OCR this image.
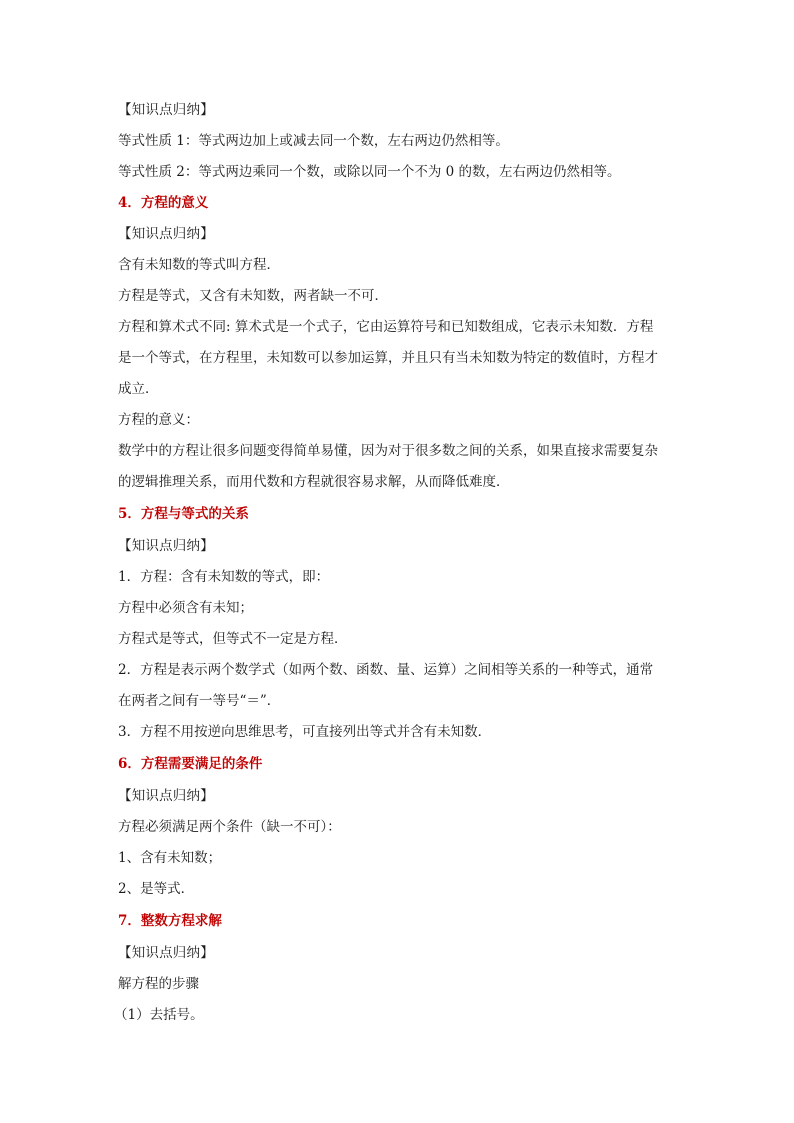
【知识点归纳】
等式性质 1：等式两边加上或减去同一个数，左右两边仍然相等。
等式性质 2：等式两边乘同一个数，或除以同一个不为 0 的数，左右两边仍然相等。
4．方程的意义
【知识点归纳】
含有未知数的等式叫方程．
方程是等式，又含有未知数，两者缺一不可．
方程和算术式不同: 算术式是一个式子，它由运算符号和已知数组成，它表示未知数．方程
是一个等式，在方程里，未知数可以参加运算，并且只有当未知数为特定的数值时，方程才
成立．
方程的意义：
数学中的方程让很多问题变得简单易懂，因为对于很多数之间的关系，如果直接求需要复杂
的逻辑推理关系，而用代数和方程就很容易求解，从而降低难度．
5．方程与等式的关系
【知识点归纳】
1．方程：含有未知数的等式，即：
方程中必须含有未知；
方程式是等式，但等式不一定是方程．
2．方程是表示两个数学式（如两个数、函数、量、运算）之间相等关系的一种等式，通常
在两者之间有一等号“＝”．
3．方程不用按逆向思维思考，可直接列出等式并含有未知数．
6．方程需要满足的条件
【知识点归纳】
方程必须满足两个条件（缺一不可）：
1、含有未知数；
2、是等式．
7．整数方程求解
【知识点归纳】
解方程的步骤
（1）去括号。
